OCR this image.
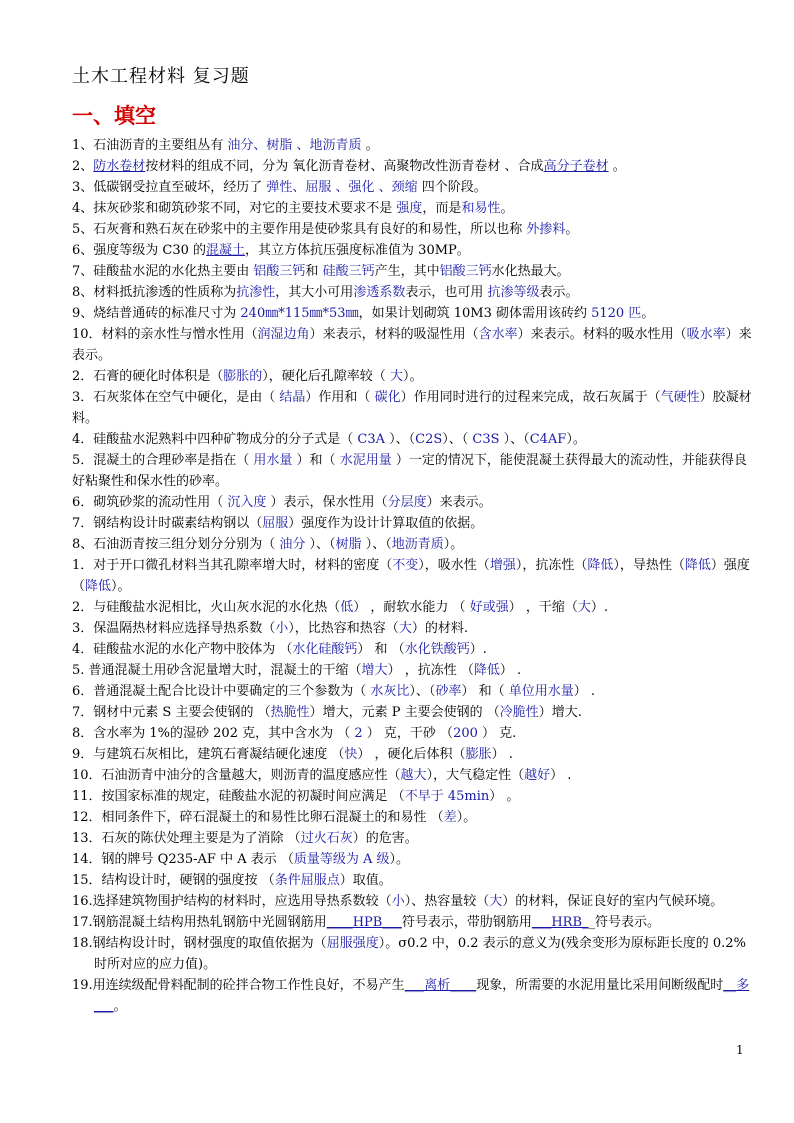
土木工程材料 复习题
一、填空
1、石油沥青的主要组丛有 油分、树脂 、地沥青质 。
2、防水卷材按材料的组成不同，分为 氧化沥青卷材、高聚物改性沥青卷材 、合成高分子卷材 。
3、低碳钢受拉直至破坏，经历了 弹性、屈服 、强化 、颈缩 四个阶段。
4、抹灰砂浆和砌筑砂浆不同，对它的主要技术要求不是 强度，而是和易性。
5、石灰膏和熟石灰在砂浆中的主要作用是使砂浆具有良好的和易性，所以也称 外掺料。
6、强度等级为 C30 的混凝土，其立方体抗压强度标准值为 30MP。
7、硅酸盐水泥的水化热主要由 铝酸三钙和 硅酸三钙产生，其中铝酸三钙水化热最大。
8、材料抵抗渗透的性质称为抗渗性，其大小可用渗透系数表示，也可用 抗渗等级表示。
9、烧结普通砖的标准尺寸为 240㎜*115㎜*53㎜，如果计划砌筑 10M3 砌体需用该砖约 5120 匹。
10．材料的亲水性与憎水性用（润湿边角）来表示，材料的吸湿性用（含水率）来表示。材料的吸水性用（吸水率）来表示。
2．石膏的硬化时体积是（膨胀的），硬化后孔隙率较（ 大）。
3．石灰浆体在空气中硬化，是由（ 结晶）作用和（ 碳化）作用同时进行的过程来完成，故石灰属于（气硬性）胶凝材料。
4．硅酸盐水泥熟料中四种矿物成分的分子式是（ C3A ）、（C2S）、（ C3S ）、（C4AF）。
5．混凝土的合理砂率是指在（ 用水量 ）和（ 水泥用量 ）一定的情况下，能使混凝土获得最大的流动性，并能获得良好粘聚性和保水性的砂率。
6．砌筑砂浆的流动性用（ 沉入度 ）表示，保水性用（分层度）来表示。
7．钢结构设计时碳素结构钢以（屈服）强度作为设计计算取值的依据。
8、石油沥青按三组分划分分别为（ 油分 ）、（树脂 ）、（地沥青质）。
1．对于开口微孔材料当其孔隙率增大时，材料的密度（不变），吸水性（增强），抗冻性（降低），导热性（降低）强度（降低）。
2．与硅酸盐水泥相比，火山灰水泥的水化热（低） ，耐软水能力 （ 好或强） ，干缩（大）.
3．保温隔热材料应选择导热系数（小），比热容和热容（大）的材料.
4．硅酸盐水泥的水化产物中胶体为 （水化硅酸钙） 和 （水化铁酸钙）.
5. 普通混凝土用砂含泥量增大时，混凝土的干缩（增大） ，抗冻性 （降低） .
6．普通混凝土配合比设计中要确定的三个参数为（ 水灰比）、（砂率） 和（ 单位用水量） .
7．钢材中元素 S 主要会使钢的 （热脆性）增大，元素 P 主要会使钢的 （冷脆性）增大.
8．含水率为 1%的湿砂 202 克，其中含水为 （ 2 ） 克，干砂 （200 ） 克.
9．与建筑石灰相比，建筑石膏凝结硬化速度 （快） ，硬化后体积（膨胀） .
10．石油沥青中油分的含量越大，则沥青的温度感应性（越大），大气稳定性（越好） .
11．按国家标准的规定，硅酸盐水泥的初凝时间应满足 （不早于 45min） 。
12．相同条件下，碎石混凝土的和易性比卵石混凝土的和易性 （差）。
13．石灰的陈伏处理主要是为了消除 （过火石灰）的危害。
14．钢的牌号 Q235-AF 中 A 表示 （质量等级为 A 级）。
15．结构设计时，硬钢的强度按 （条件屈服点）取值。
16.选择建筑物围护结构的材料时，应选用导热系数较（小）、热容量较（大）的材料，保证良好的室内气候环境。
17.钢筋混凝土结构用热轧钢筋中光圆钢筋用____HPB___符号表示，带肋钢筋用___HRB__符号表示。
18.钢结构设计时，钢材强度的取值依据为（屈服强度）。σ0.2 中，0.2 表示的意义为(残余变形为原标距长度的 0.2%时所对应的应力值)。
19.用连续级配骨料配制的砼拌合物工作性良好，不易产生___离析____现象，所需要的水泥用量比采用间断级配时__多___。
1
